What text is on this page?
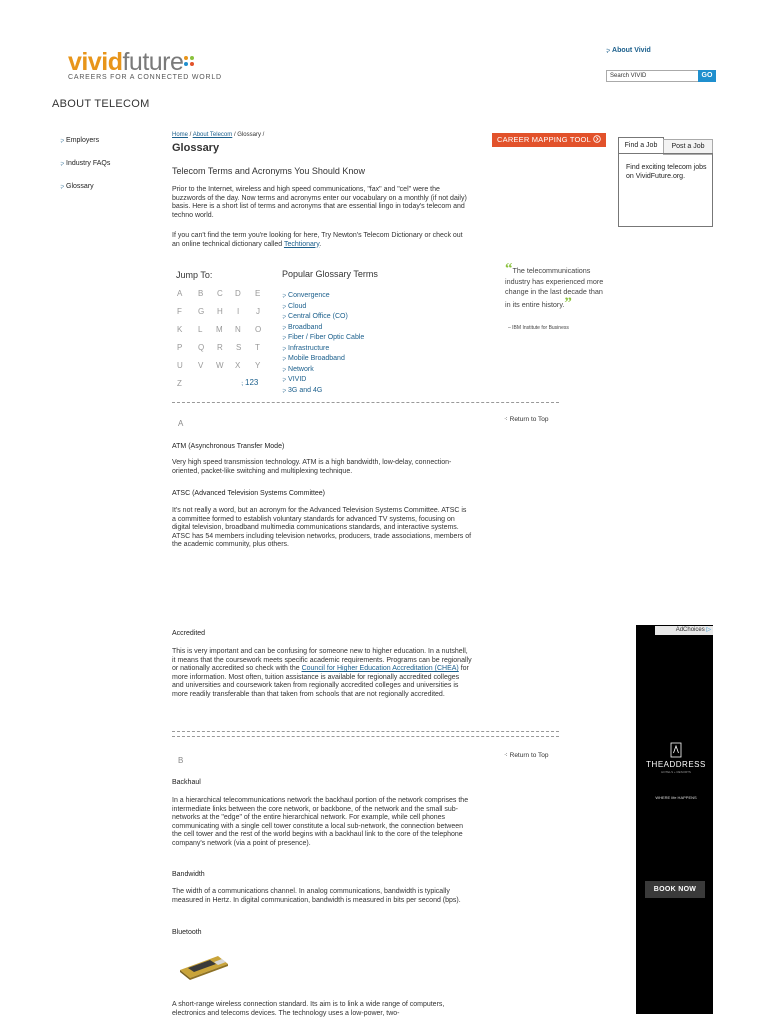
vividfuture
CAREERS FOR A CONNECTED WORLD
⁏› About Vivid
Search VIVID	GO
ABOUT TELECOM
⁏› Employers
⁏› Industry FAQs
⁏› Glossary
Home / About Telecom / Glossary /
Glossary
Telecom Terms and Acronyms You Should Know

Prior to the Internet, wireless and high speed communications, "fax" and "cel" were the buzzwords of the day. Now terms and acronyms enter our vocabulary on a monthly (if not daily) basis. Here is a short list of terms and acronyms that are essential lingo in today's telecom and techno world.

If you can't find the term you're looking for here, Try Newton's Telecom Dictionary or check out an online technical dictionary called Techtionary.

Jump To:
A B C D E
F G H I J
K L M N O
P Q R S T
U V W X Y
Z	⁏ 123
Popular Glossary Terms
⁏› Convergence
⁏› Cloud
⁏› Central Office (CO)
⁏› Broadband
⁏› Fiber / Fiber Optic Cable
⁏› Infrastructure
⁏› Mobile Broadband
⁏› Network
⁏› VIVID
⁏› 3G and 4G
“The telecommunications industry has experienced more change in the last decade than in its entire history.”
– IBM Institute for Business
CAREER MAPPING TOOL
Find a Job	Post a Job
Find exciting telecom jobs on VividFuture.org.
A	⁖ Return to Top
ATM (Asynchronous Transfer Mode)

Very high speed transmission technology. ATM is a high bandwidth, low-delay, connection-oriented, packet-like switching and multiplexing technique.

ATSC (Advanced Television Systems Committee)

It's not really a word, but an acronym for the Advanced Television Systems Committee. ATSC is a committee formed to establish voluntary standards for advanced TV systems, focusing on digital television, broadband multimedia communications standards, and interactive systems. ATSC has 54 members including television networks, producers, trade associations, members of the academic community, plus others.

Accredited

This is very important and can be confusing for someone new to higher education. In a nutshell, it means that the coursework meets specific academic requirements. Programs can be regionally or nationally accredited so check with the Council for Higher Education Accreditation (CHEA) for more information. Most often, tuition assistance is available for regionally accredited colleges and universities and coursework taken from regionally accredited colleges and universities is more readily transferable than that taken from schools that are not regionally accredited.

B
⁖ Return to Top
Backhaul

In a hierarchical telecommunications network the backhaul portion of the network comprises the intermediate links between the core network, or backbone, of the network and the small sub-networks at the "edge" of the entire hierarchical network. For example, while cell phones communicating with a single cell tower constitute a local sub-network, the connection between the cell tower and the rest of the world begins with a backhaul link to the core of the telephone company's network (via a point of presence).

Bandwidth

The width of a communications channel. In analog communications, bandwidth is typically measured in Hertz. In digital communication, bandwidth is measured in bits per second (bps).

Bluetooth

A short-range wireless connection standard. Its aim is to link a wide range of computers, electronics and telecoms devices. The technology uses a low-power, two-

AdChoices ▷
THEADDRESS
HOTELS + RESORTS
WHERE life HAPPENS
BOOK NOW
